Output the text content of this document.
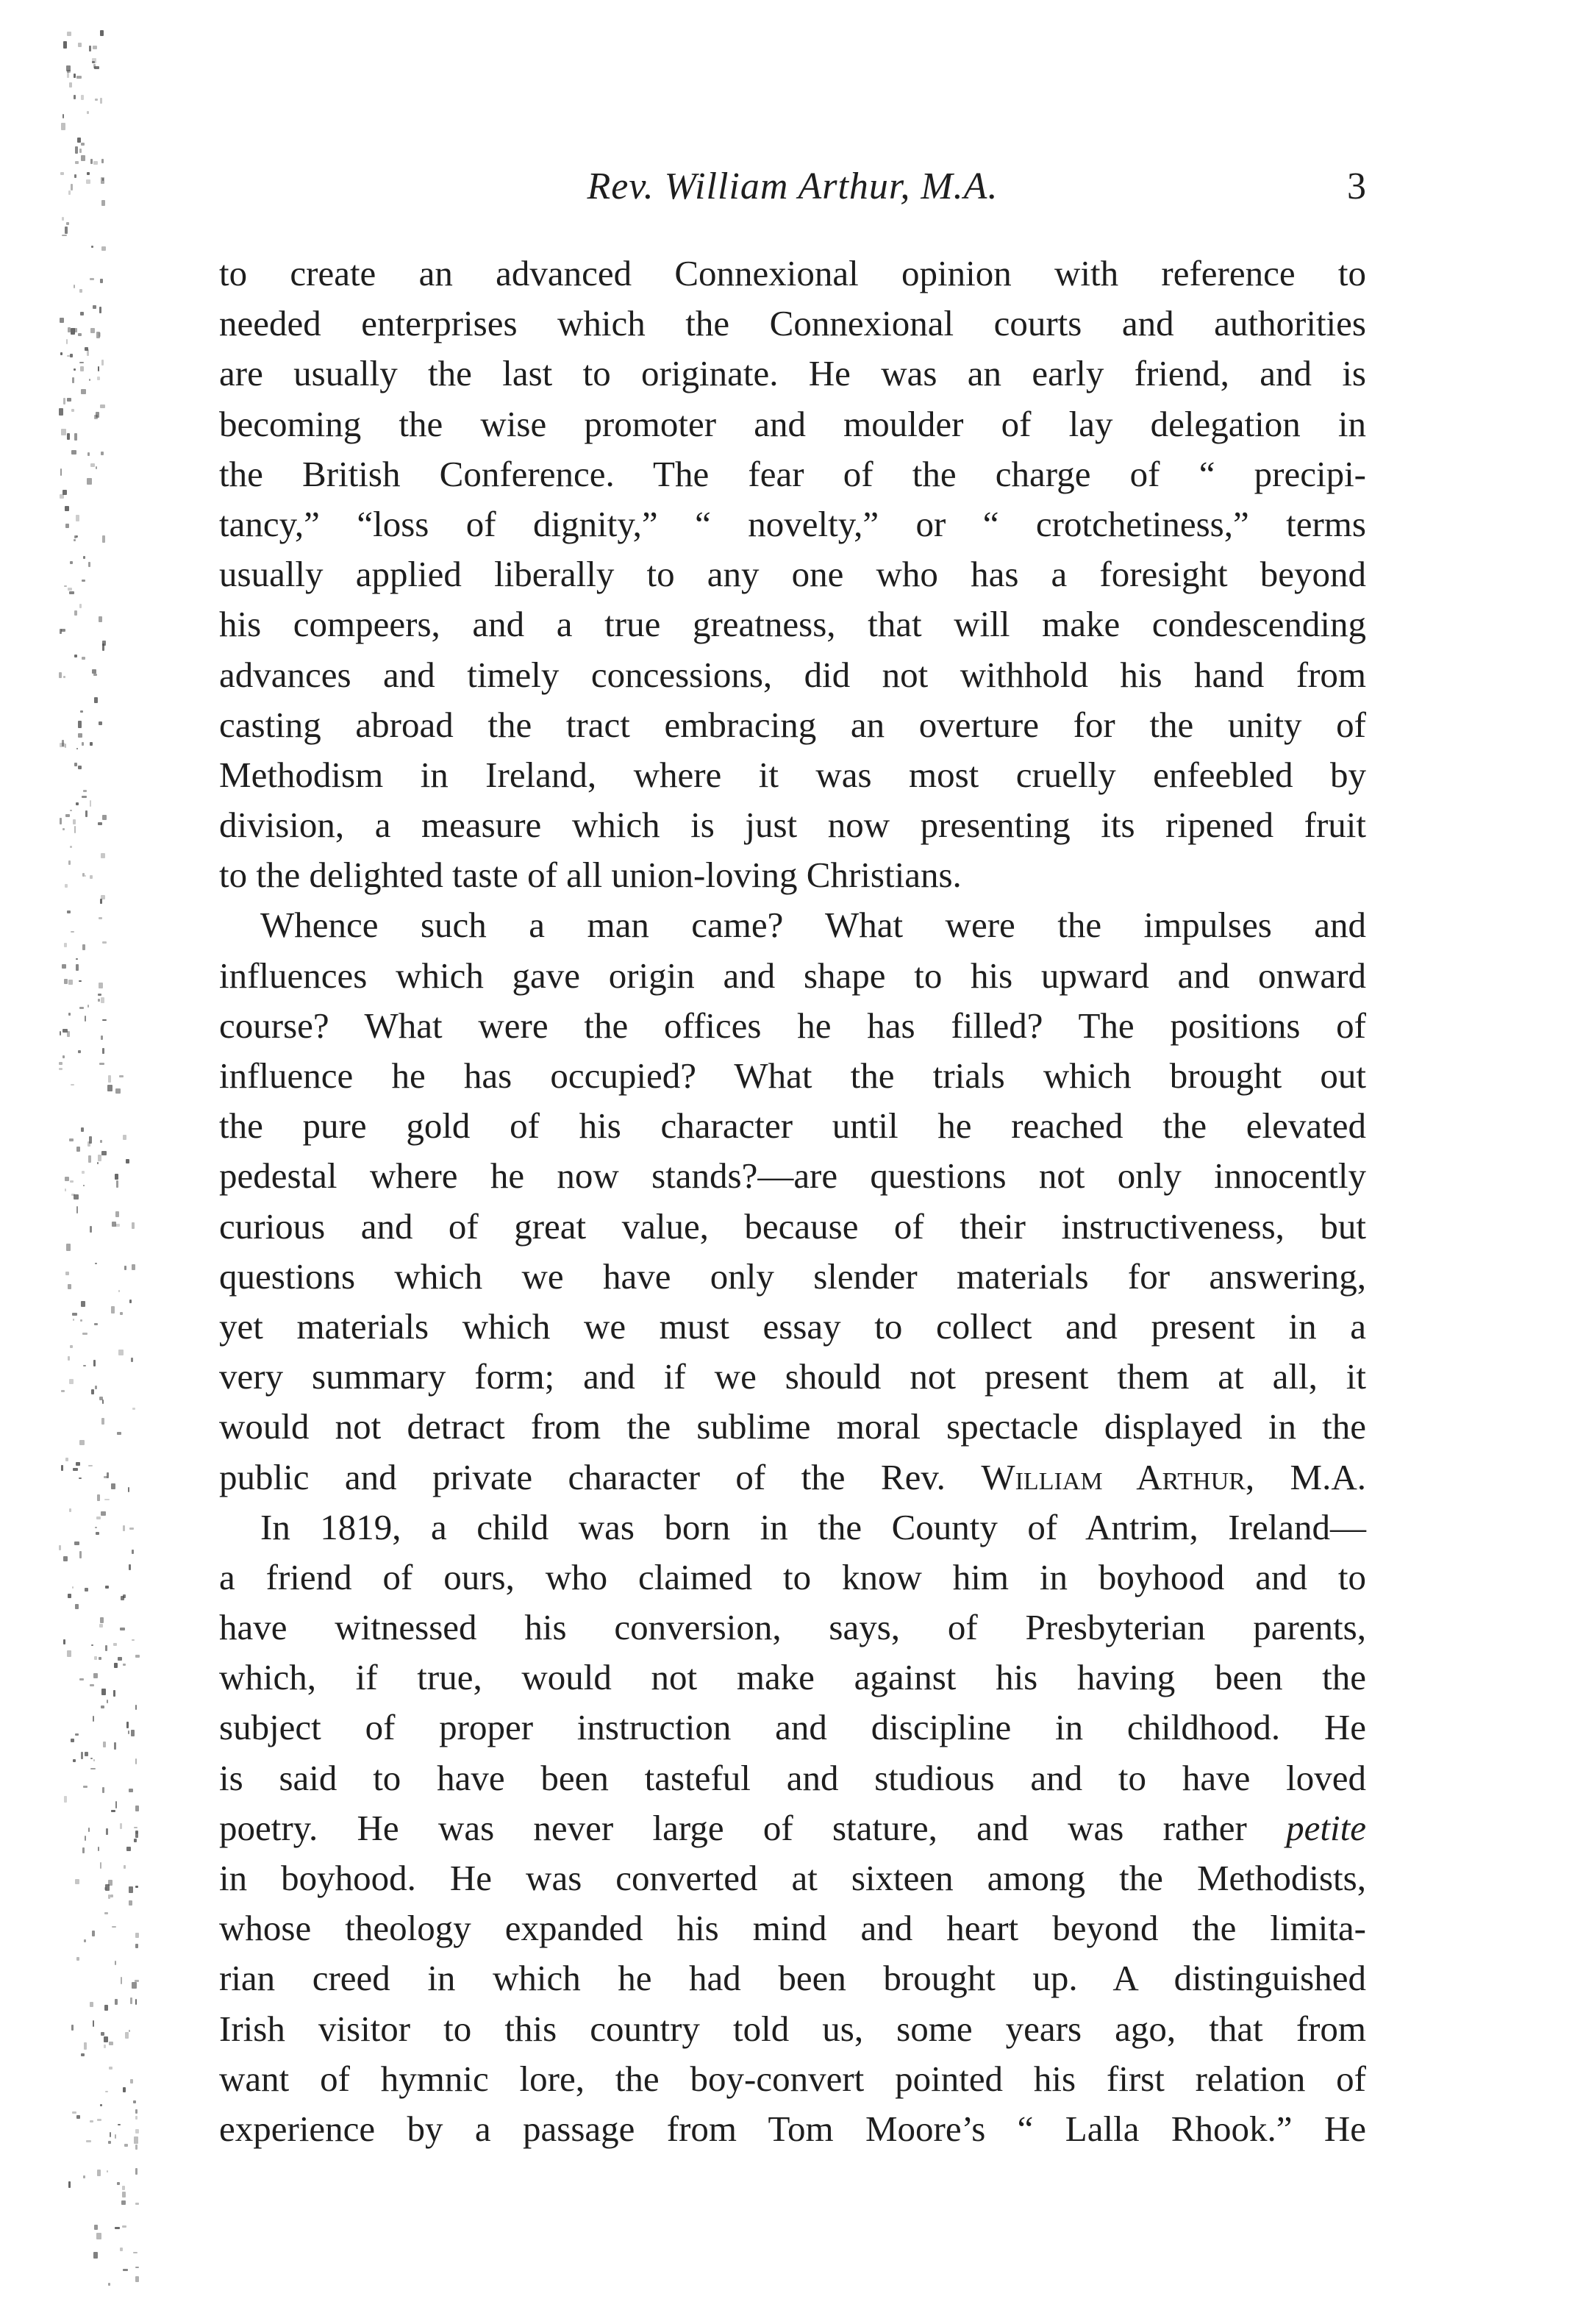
Rev. William Arthur, M.A.	3
to create an advanced Connexional opinion with reference to
needed enterprises which the Connexional courts and authorities
are usually the last to originate. He was an early friend, and is
becoming the wise promoter and moulder of lay delegation in
the British Conference. The fear of the charge of “ precipi-
tancy,” “loss of dignity,” “ novelty,” or “ crotchetiness,” terms
usually applied liberally to any one who has a foresight beyond
his compeers, and a true greatness, that will make condescending
advances and timely concessions, did not withhold his hand from
casting abroad the tract embracing an overture for the unity of
Methodism in Ireland, where it was most cruelly enfeebled by
division, a measure which is just now presenting its ripened fruit
to the delighted taste of all union-loving Christians.
Whence such a man came? What were the impulses and
influences which gave origin and shape to his upward and onward
course? What were the offices he has filled? The positions of
influence he has occupied? What the trials which brought out
the pure gold of his character until he reached the elevated
pedestal where he now stands?—are questions not only innocently
curious and of great value, because of their instructiveness, but
questions which we have only slender materials for answering,
yet materials which we must essay to collect and present in a
very summary form; and if we should not present them at all, it
would not detract from the sublime moral spectacle displayed in the
public and private character of the Rev. William Arthur, M.A.
In 1819, a child was born in the County of Antrim, Ireland—
a friend of ours, who claimed to know him in boyhood and to
have witnessed his conversion, says, of Presbyterian parents,
which, if true, would not make against his having been the
subject of proper instruction and discipline in childhood. He
is said to have been tasteful and studious and to have loved
poetry. He was never large of stature, and was rather petite
in boyhood. He was converted at sixteen among the Methodists,
whose theology expanded his mind and heart beyond the limita-
rian creed in which he had been brought up. A distinguished
Irish visitor to this country told us, some years ago, that from
want of hymnic lore, the boy-convert pointed his first relation of
experience by a passage from Tom Moore’s “ Lalla Rhook.” He
